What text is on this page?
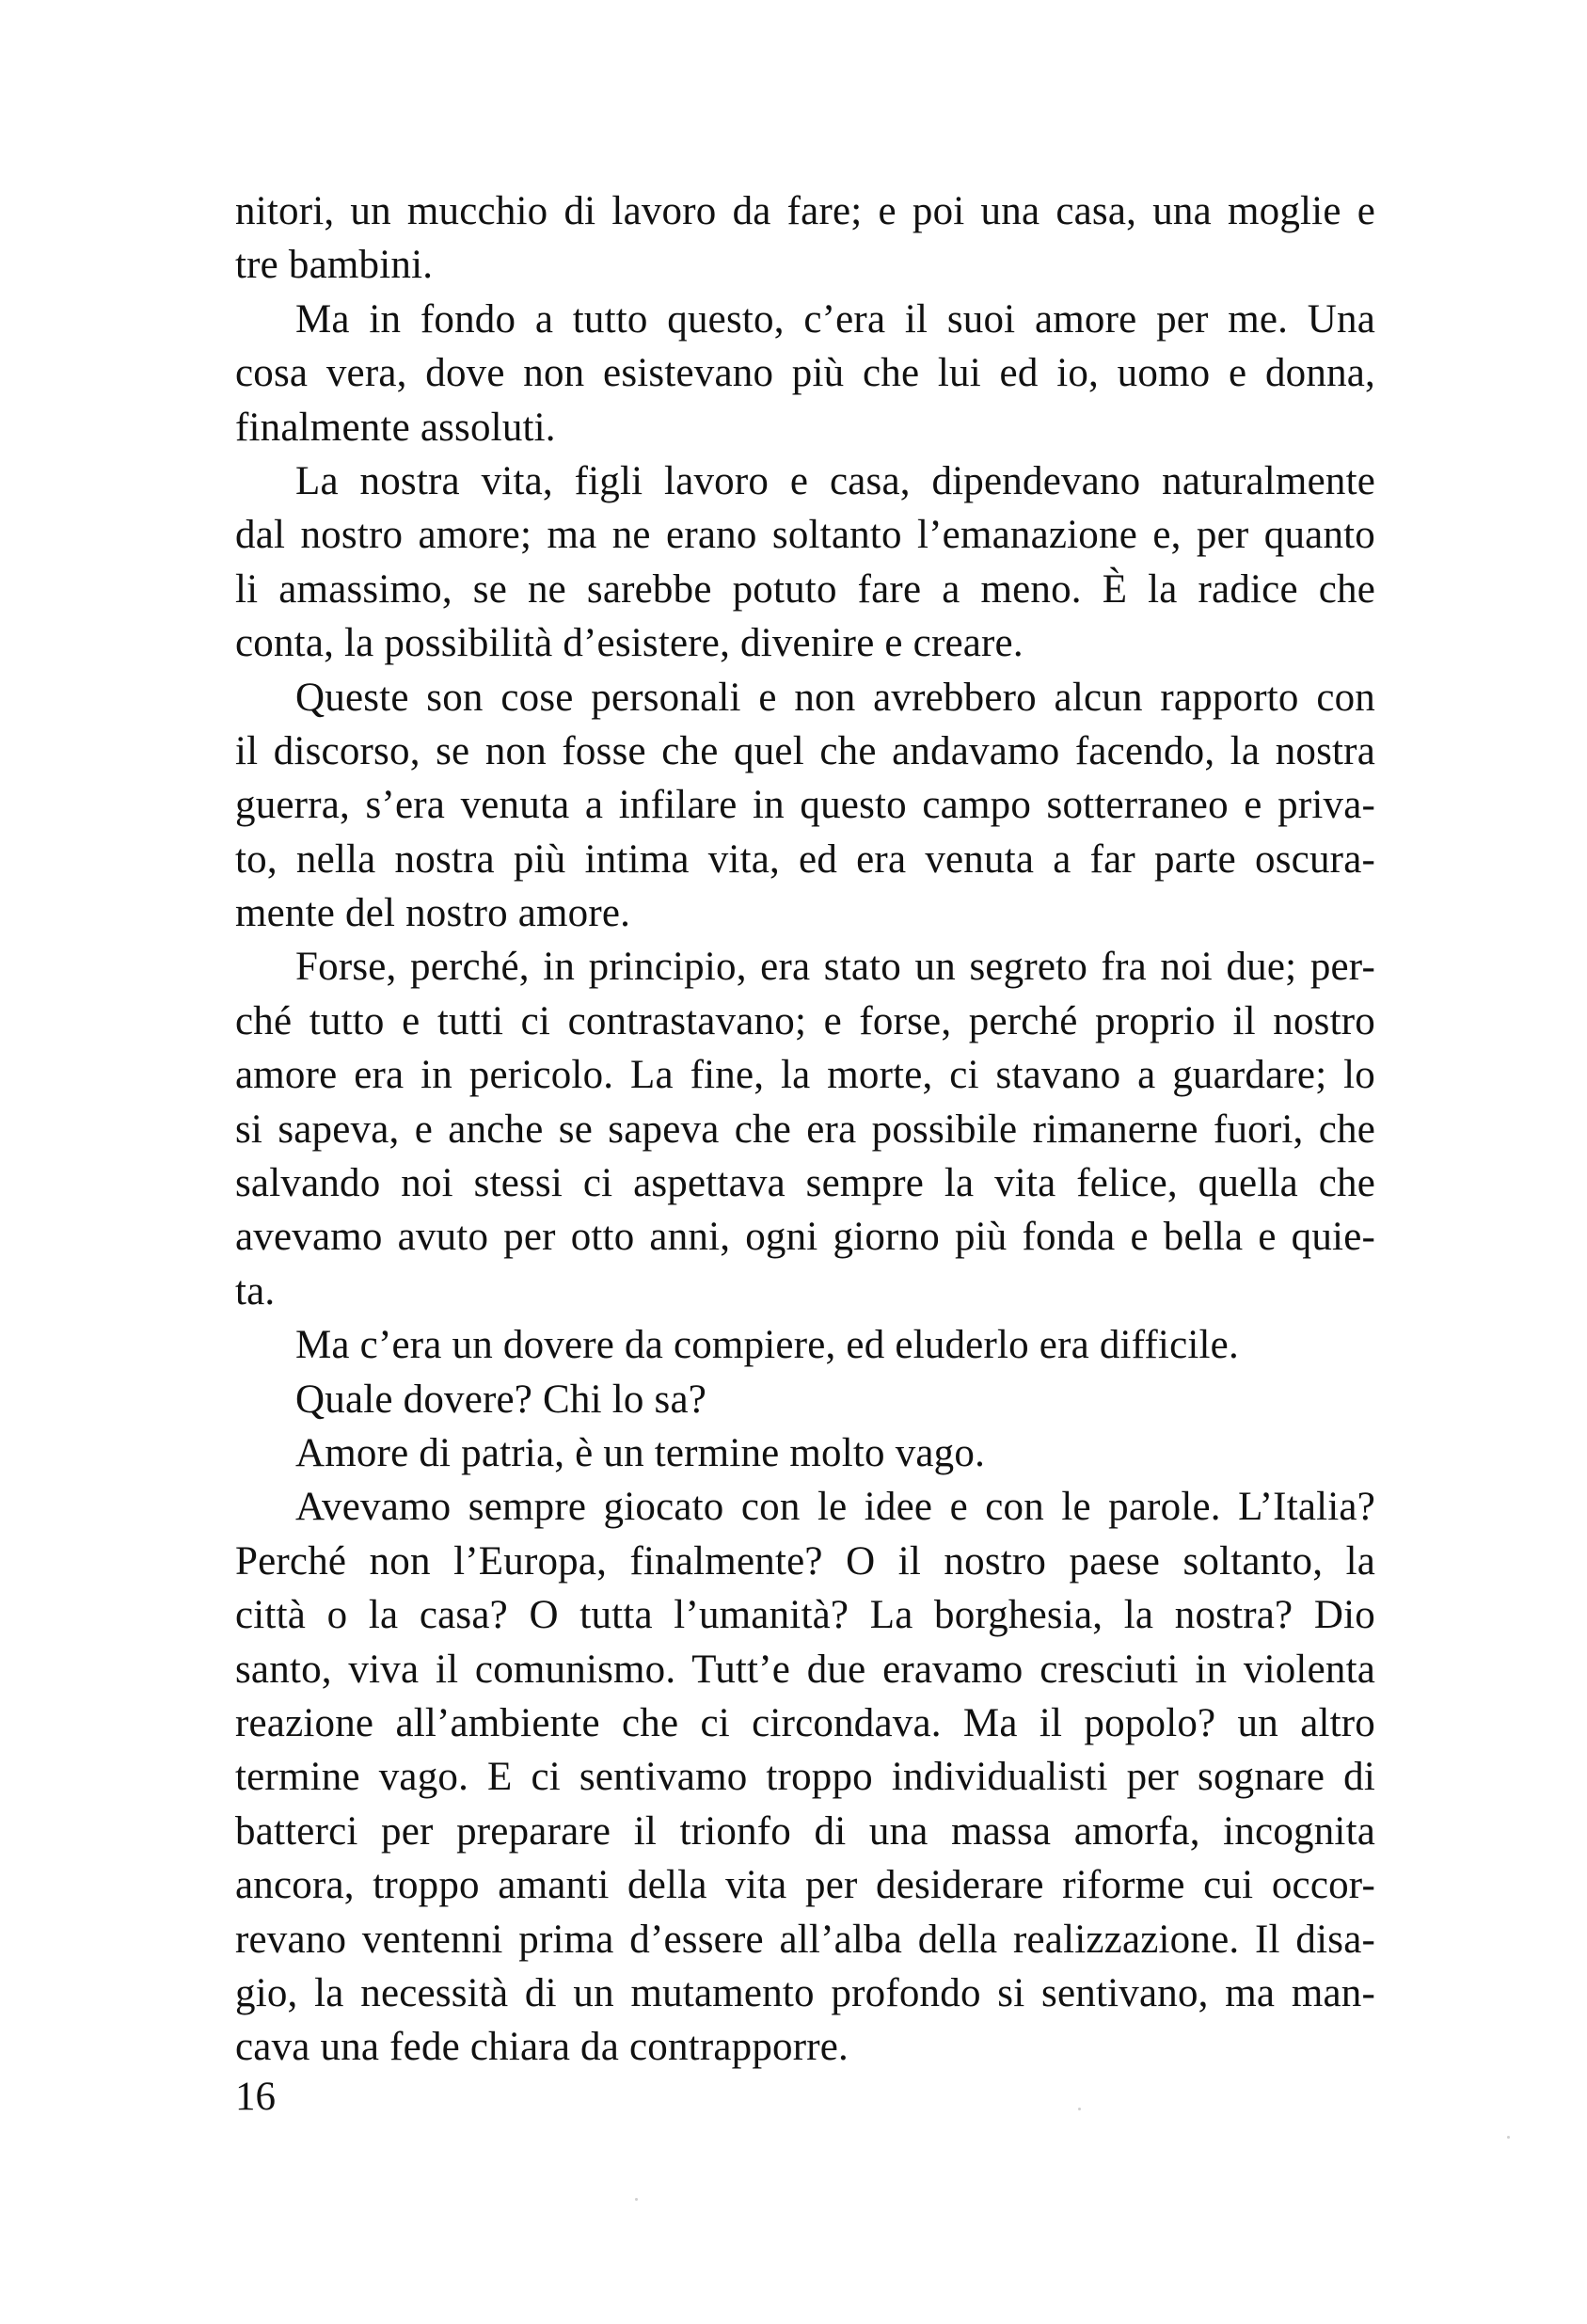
nitori, un mucchio di lavoro da fare; e poi una casa, una moglie e
tre bambini.
Ma in fondo a tutto questo, c’era il suoi amore per me. Una
cosa vera, dove non esistevano più che lui ed io, uomo e donna,
finalmente assoluti.
La nostra vita, figli lavoro e casa, dipendevano naturalmente
dal nostro amore; ma ne erano soltanto l’emanazione e, per quanto
li amassimo, se ne sarebbe potuto fare a meno. È la radice che
conta, la possibilità d’esistere, divenire e creare.
Queste son cose personali e non avrebbero alcun rapporto con
il discorso, se non fosse che quel che andavamo facendo, la nostra
guerra, s’era venuta a infilare in questo campo sotterraneo e priva-
to, nella nostra più intima vita, ed era venuta a far parte oscura-
mente del nostro amore.
Forse, perché, in principio, era stato un segreto fra noi due; per-
ché tutto e tutti ci contrastavano; e forse, perché proprio il nostro
amore era in pericolo. La fine, la morte, ci stavano a guardare; lo
si sapeva, e anche se sapeva che era possibile rimanerne fuori, che
salvando noi stessi ci aspettava sempre la vita felice, quella che
avevamo avuto per otto anni, ogni giorno più fonda e bella e quie-
ta.
Ma c’era un dovere da compiere, ed eluderlo era difficile.
Quale dovere? Chi lo sa?
Amore di patria, è un termine molto vago.
Avevamo sempre giocato con le idee e con le parole. L’Italia?
Perché non l’Europa, finalmente? O il nostro paese soltanto, la
città o la casa? O tutta l’umanità? La borghesia, la nostra? Dio
santo, viva il comunismo. Tutt’e due eravamo cresciuti in violenta
reazione all’ambiente che ci circondava. Ma il popolo? un altro
termine vago. E ci sentivamo troppo individualisti per sognare di
batterci per preparare il trionfo di una massa amorfa, incognita
ancora, troppo amanti della vita per desiderare riforme cui occor-
revano ventenni prima d’essere all’alba della realizzazione. Il disa-
gio, la necessità di un mutamento profondo si sentivano, ma man-
cava una fede chiara da contrapporre.
16
